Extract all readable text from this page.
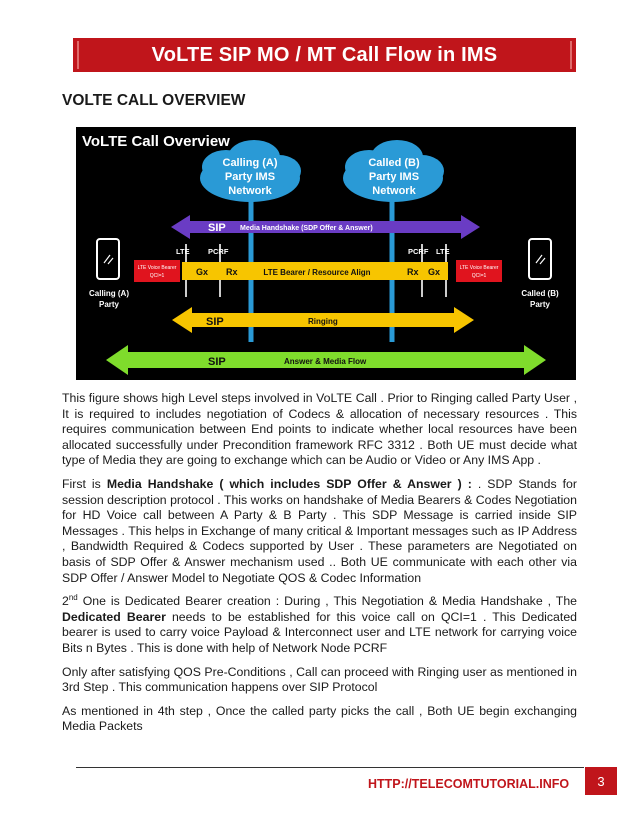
VoLTE SIP MO / MT Call Flow in IMS
VOLTE CALL OVERVIEW
VoLTE Call Overview
Calling (A)
Party IMS
Network
Called (B)
Party IMS
Network
SIP Media Handshake (SDP Offer & Answer)
LTE PCRF	PCRF LTE
Calling (A)
Party
Called (B)
Party
LTE Voice Bearer
QCI=1
LTE Voice Bearer
QCI=1
Gx Rx	Rx Gx
LTE Bearer / Resource Align
SIP	Ringing
SIP	Answer & Media Flow

This figure shows high Level steps involved in VoLTE Call . Prior to Ringing called Party User , It is required to includes negotiation of Codecs & allocation of necessary resources . This requires communication between End points to indicate whether local resources have been allocated successfully under Precondition framework RFC 3312 . Both UE must decide what type of Media they are going to exchange which can be Audio or Video or Any IMS App .

First is Media Handshake ( which includes SDP Offer & Answer ) : . SDP Stands for session description protocol . This works on handshake of Media Bearers & Codes Negotiation for HD Voice call between A Party & B Party . This SDP Message is carried inside SIP Messages . This helps in Exchange of many critical & Important messages such as IP Address , Bandwidth Required & Codecs supported by User . These parameters are Negotiated on basis of SDP Offer & Answer mechanism used .. Both UE communicate with each other via SDP Offer / Answer Model to Negotiate QOS & Codec Information

2nd One is Dedicated Bearer creation : During , This Negotiation & Media Handshake , The Dedicated Bearer needs to be established for this voice call on QCI=1 . This Dedicated bearer is used to carry voice Payload & Interconnect user and LTE network for carrying voice Bits n Bytes . This is done with help of Network Node PCRF

Only after satisfying QOS Pre-Conditions , Call can proceed with Ringing user as mentioned in 3rd Step . This communication happens over SIP Protocol

As mentioned in 4th step , Once the called party picks the call , Both UE begin exchanging Media Packets

HTTP://TELECOMTUTORIAL.INFO	3
